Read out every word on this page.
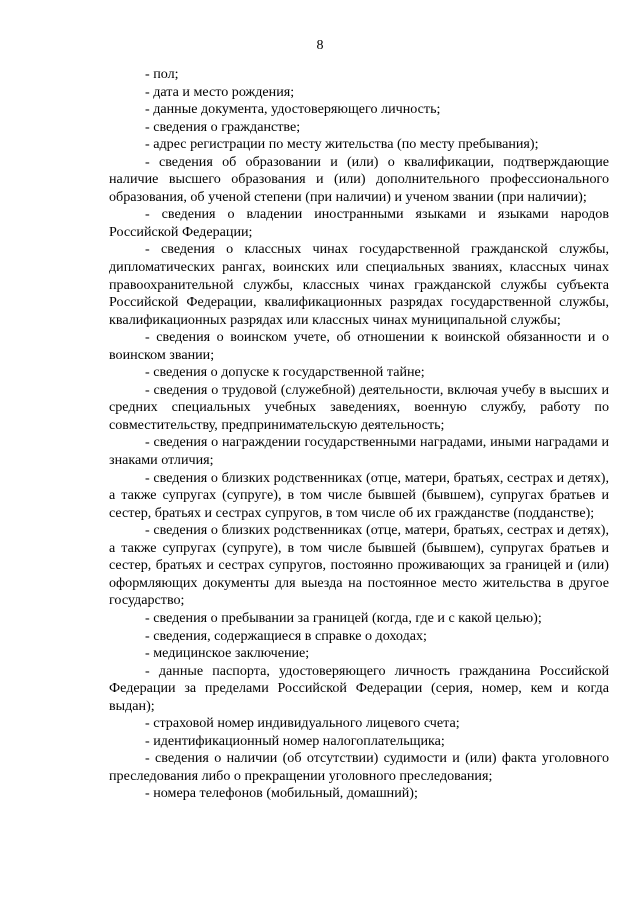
8

- пол;

- дата и место рождения;

- данные документа, удостоверяющего личность;

- сведения о гражданстве;

- адрес регистрации по месту жительства (по месту пребывания);

- сведения об образовании и (или) о квалификации, подтверждающие наличие высшего образования и (или) дополнительного профессионального образования, об ученой степени (при наличии) и ученом звании (при наличии);

- сведения о владении иностранными языками и языками народов Российской Федерации;

- сведения о классных чинах государственной гражданской службы, дипломатических рангах, воинских или специальных званиях, классных чинах правоохранительной службы, классных чинах гражданской службы субъекта Российской Федерации, квалификационных разрядах государственной службы, квалификационных разрядах или классных чинах муниципальной службы;

- сведения о воинском учете, об отношении к воинской обязанности и о воинском звании;

- сведения о допуске к государственной тайне;

- сведения о трудовой (служебной) деятельности, включая учебу в высших и средних специальных учебных заведениях, военную службу, работу по совместительству, предпринимательскую деятельность;

- сведения о награждении государственными наградами, иными наградами и знаками отличия;

- сведения о близких родственниках (отце, матери, братьях, сестрах и детях), а также супругах (супруге), в том числе бывшей (бывшем), супругах братьев и сестер, братьях и сестрах супругов, в том числе об их гражданстве (подданстве);

- сведения о близких родственниках (отце, матери, братьях, сестрах и детях), а также супругах (супруге), в том числе бывшей (бывшем), супругах братьев и сестер, братьях и сестрах супругов, постоянно проживающих за границей и (или) оформляющих документы для выезда на постоянное место жительства в другое государство;

- сведения о пребывании за границей (когда, где и с какой целью);

- сведения, содержащиеся в справке о доходах;

- медицинское заключение;

- данные паспорта, удостоверяющего личность гражданина Российской Федерации за пределами Российской Федерации (серия, номер, кем и когда выдан);

- страховой номер индивидуального лицевого счета;

- идентификационный номер налогоплательщика;

- сведения о наличии (об отсутствии) судимости и (или) факта уголовного преследования либо о прекращении уголовного преследования;

- номера телефонов (мобильный, домашний);
